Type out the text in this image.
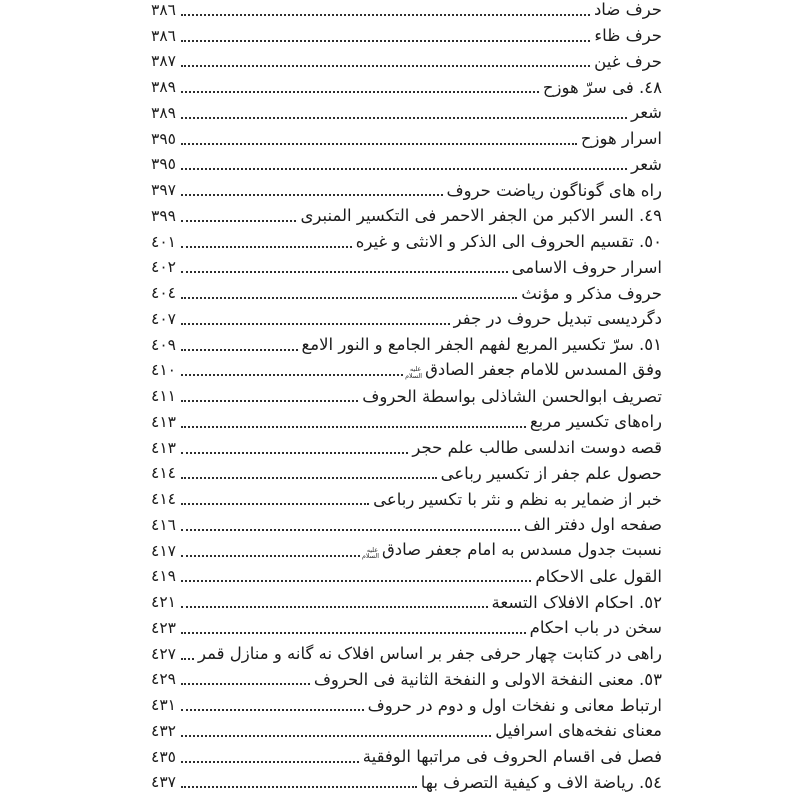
حرف ضاد
٣٨٦
حرف ظاء
٣٨٦
حرف غين
٣٨٧
٤٨. فى سرّ هوزح
٣٨٩
شعر
٣٨٩
اسرار هوزح
٣٩٥
شعر
٣٩٥
راه های گوناگون رياضت حروف
٣٩٧
٤٩. السر الاكبر من الجفر الاحمر فى التكسير المنبرى
٣٩٩
٥٠. تقسيم الحروف الى الذكر و الانثى و غيره
٤٠١
اسرار حروف الاسامى
٤٠٢
حروف مذكر و مؤنث
٤٠٤
دگرديسى تبديل حروف در جفر
٤٠٧
٥١. سرّ تكسير المربع لفهم الجفر الجامع و النور الامع
٤٠٩
وفق المسدس للامام جعفر الصادقعليه السلام
٤١٠
تصريف ابوالحسن الشاذلى بواسطة الحروف
٤١١
راه‌های تكسير مربع
٤١٣
قصه دوست اندلسى طالب علم حجر
٤١٣
حصول علم جفر از تكسير رباعى
٤١٤
خبر از ضماير به نظم و نثر با تكسير رباعى
٤١٤
صفحه اول دفتر الف
٤١٦
نسبت جدول مسدس به امام جعفر صادقعليه السلام
٤١٧
القول على الاحكام
٤١٩
٥٢. احكام الافلاک التسعة
٤٢١
سخن در باب احكام
٤٢٣
راهى در كتابت چهار حرفى جفر بر اساس افلاک نه گانه و منازل قمر
٤٢٧
٥٣. معنى النفخة الاولى و النفخة الثانية فى الحروف
٤٢٩
ارتباط معانى و نفخات اول و دوم در حروف
٤٣١
معناى نفخه‌های اسرافيل
٤٣٢
فصل فى اقسام الحروف فى مراتبها الوفقية
٤٣٥
٥٤. رياضة الاف و كيفية التصرف بها
٤٣٧
